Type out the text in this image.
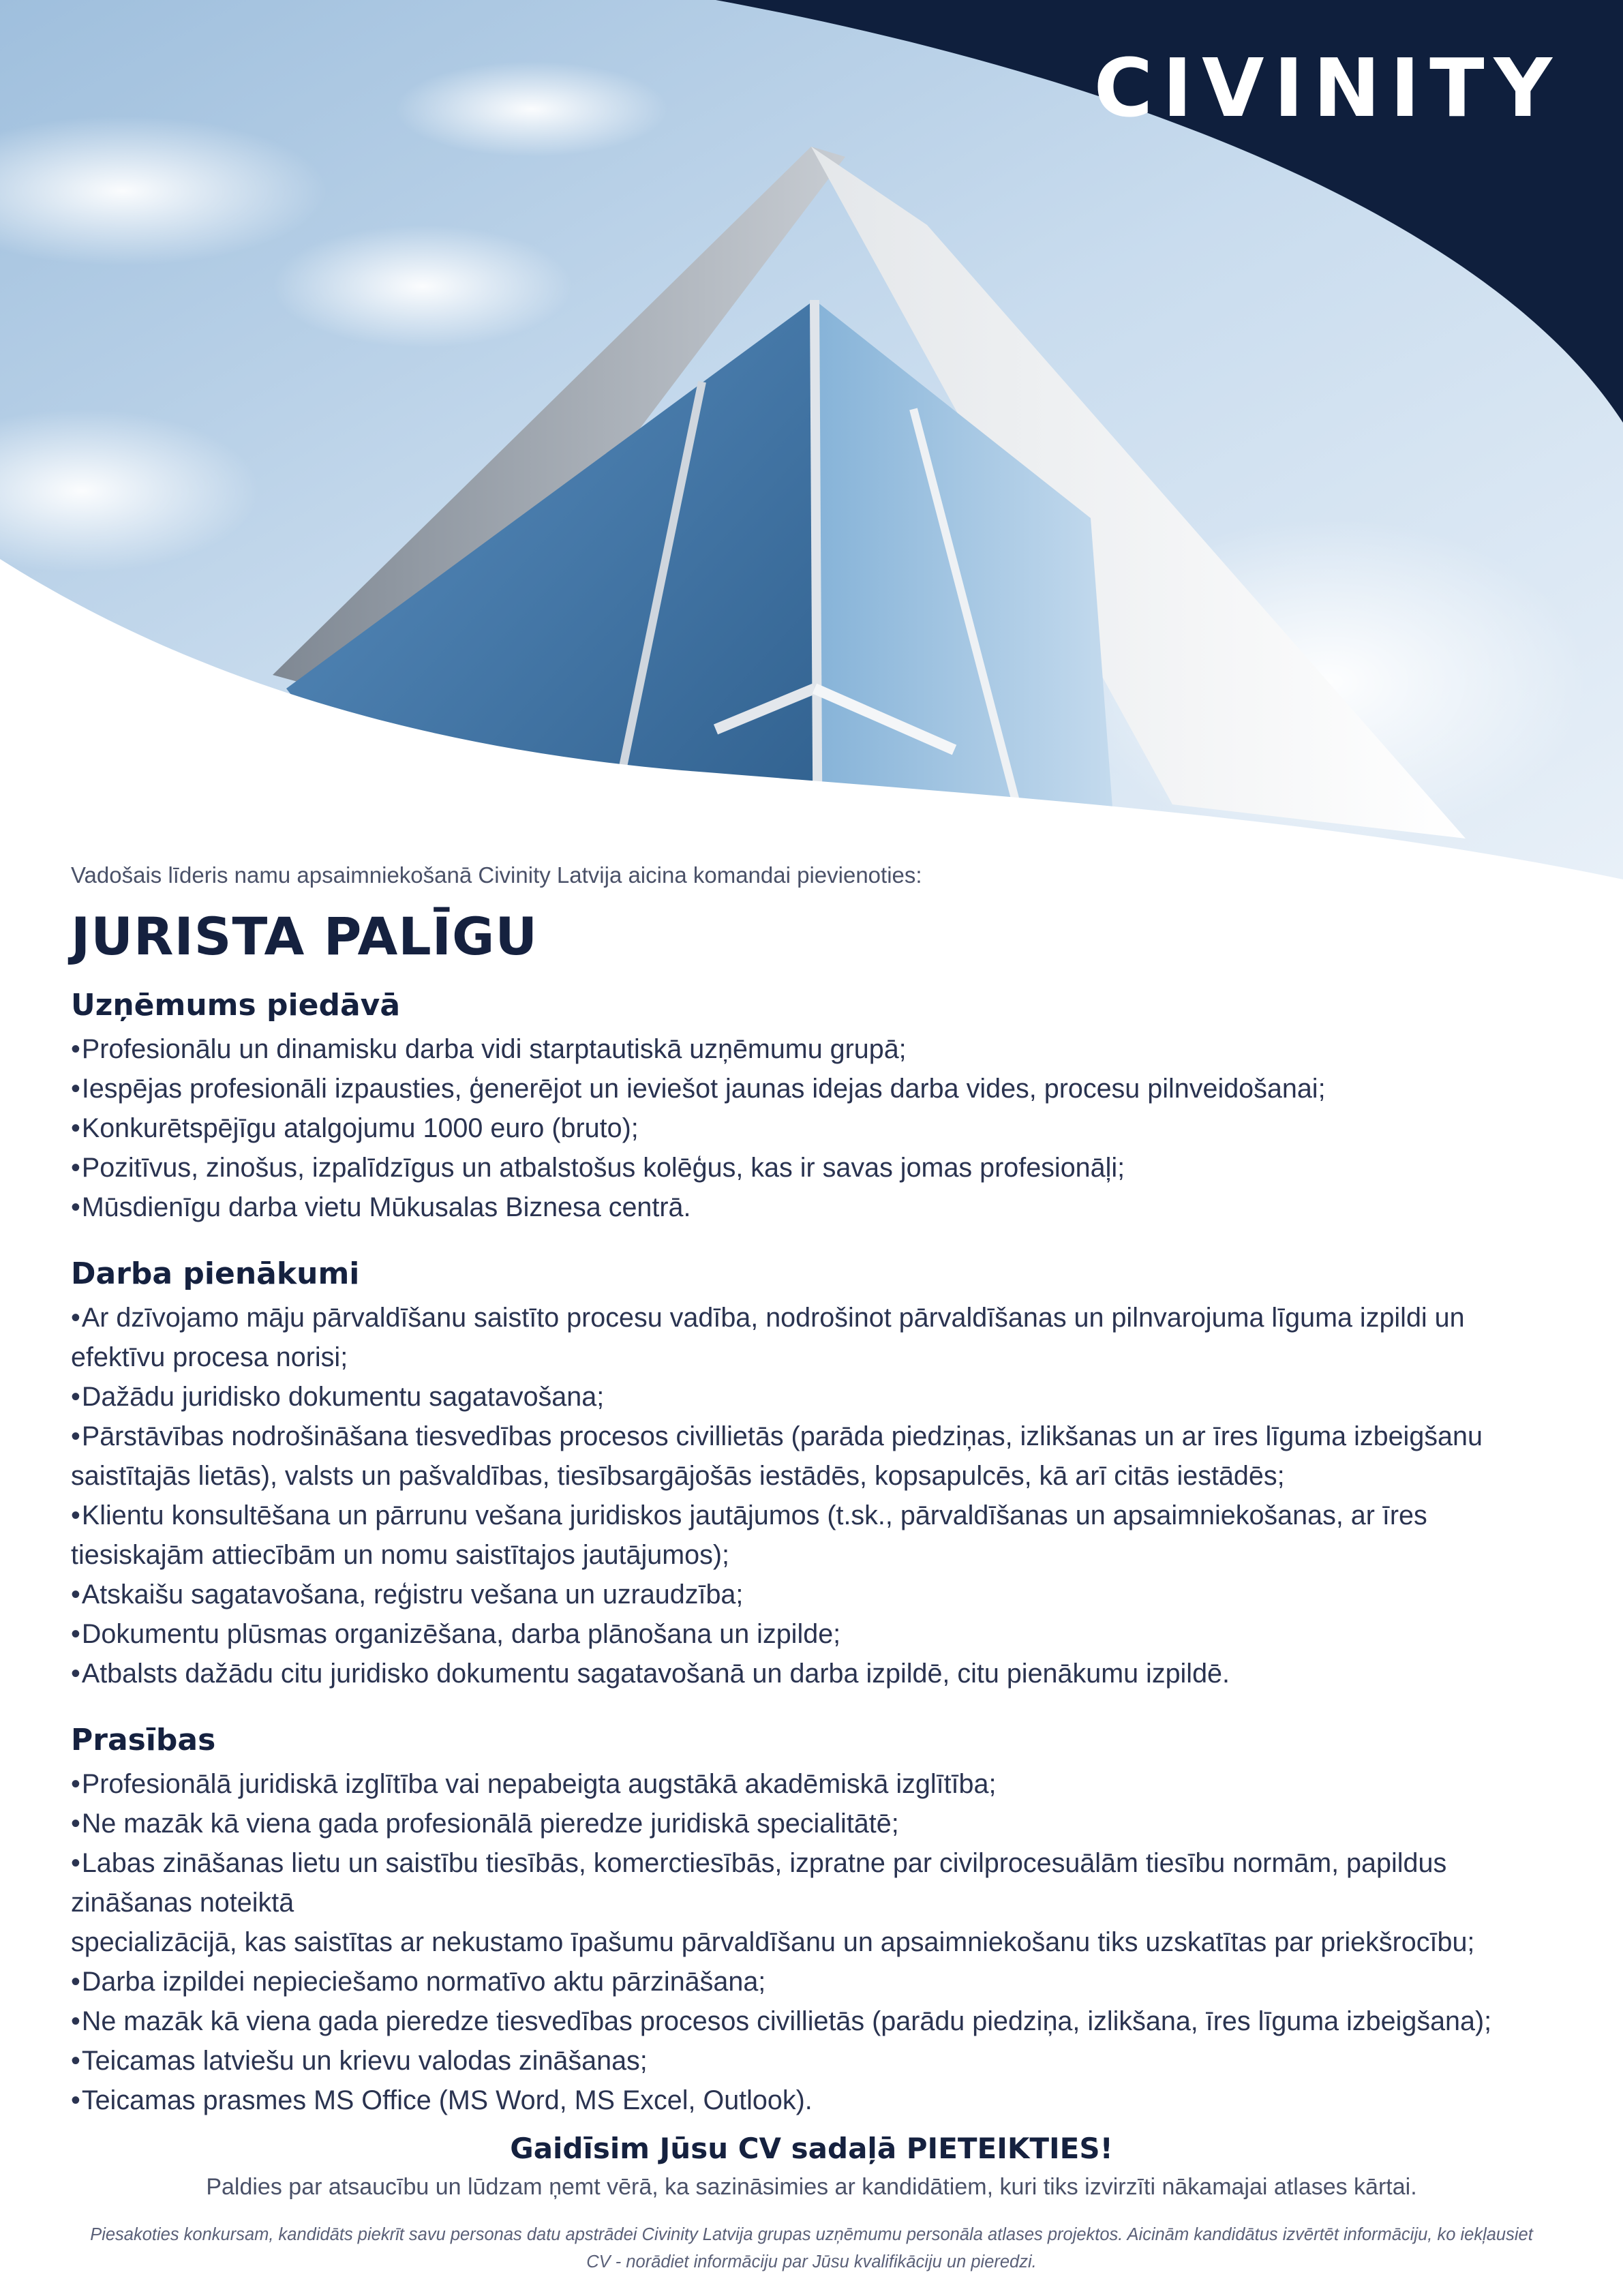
CIVINITY

Vadošais līderis namu apsaimniekošanā Civinity Latvija aicina komandai pievienoties:

JURISTA PALĪGU
Uzņēmums piedāvā
• Profesionālu un dinamisku darba vidi starptautiskā uzņēmumu grupā;
• Iespējas profesionāli izpausties, ģenerējot un ieviešot jaunas idejas darba vides, procesu pilnveidošanai;
• Konkurētspējīgu atalgojumu 1000 euro (bruto);
• Pozitīvus, zinošus, izpalīdzīgus un atbalstošus kolēģus, kas ir savas jomas profesionāļi;
• Mūsdienīgu darba vietu Mūkusalas Biznesa centrā.
Darba pienākumi
• Ar dzīvojamo māju pārvaldīšanu saistīto procesu vadība, nodrošinot pārvaldīšanas un pilnvarojuma līguma izpildi un efektīvu procesa norisi;
• Dažādu juridisko dokumentu sagatavošana;
• Pārstāvības nodrošināšana tiesvedības procesos civillietās (parāda piedziņas, izlikšanas un ar īres līguma izbeigšanu saistītajās lietās), valsts un pašvaldības, tiesībsargājošās iestādēs, kopsapulcēs, kā arī citās iestādēs;
• Klientu konsultēšana un pārrunu vešana juridiskos jautājumos (t.sk., pārvaldīšanas un apsaimniekošanas, ar īres tiesiskajām attiecībām un nomu saistītajos jautājumos);
• Atskaišu sagatavošana, reģistru vešana un uzraudzība;
• Dokumentu plūsmas organizēšana, darba plānošana un izpilde;
• Atbalsts dažādu citu juridisko dokumentu sagatavošanā un darba izpildē, citu pienākumu izpildē.
Prasības
• Profesionālā juridiskā izglītība vai nepabeigta augstākā akadēmiskā izglītība;
• Ne mazāk kā viena gada profesionālā pieredze juridiskā specialitātē;
• Labas zināšanas lietu un saistību tiesībās, komerctiesībās, izpratne par civilprocesuālām tiesību normām, papildus zināšanas noteiktā
specializācijā, kas saistītas ar nekustamo īpašumu pārvaldīšanu un apsaimniekošanu tiks uzskatītas par priekšrocību;
• Darba izpildei nepieciešamo normatīvo aktu pārzināšana;
• Ne mazāk kā viena gada pieredze tiesvedības procesos civillietās (parādu piedziņa, izlikšana, īres līguma izbeigšana);
• Teicamas latviešu un krievu valodas zināšanas;
• Teicamas prasmes MS Office (MS Word, MS Excel, Outlook).
Gaidīsim Jūsu CV sadaļā PIETEIKTIES!
Paldies par atsaucību un lūdzam ņemt vērā, ka sazināsimies ar kandidātiem, kuri tiks izvirzīti nākamajai atlases kārtai.
Piesakoties konkursam, kandidāts piekrīt savu personas datu apstrādei Civinity Latvija grupas uzņēmumu personāla atlases projektos. Aicinām kandidātus izvērtēt informāciju, ko iekļausiet CV - norādiet informāciju par Jūsu kvalifikāciju un pieredzi.
